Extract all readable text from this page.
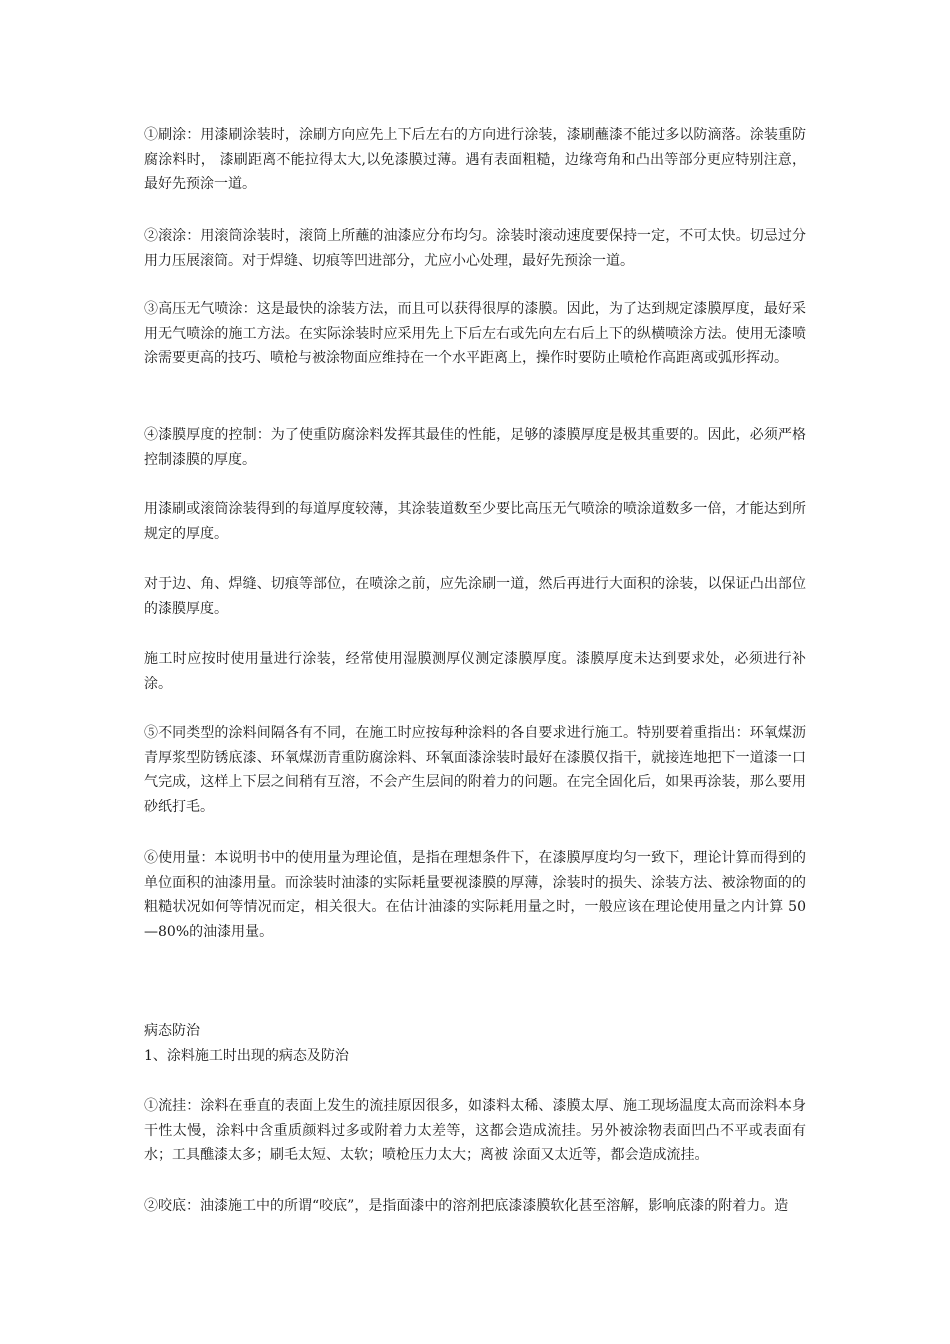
①刷涂：用漆刷涂装时，涂刷方向应先上下后左右的方向进行涂装，漆刷蘸漆不能过多以防滴落。涂装重防腐涂料时， 漆刷距离不能拉得太大,以免漆膜过薄。遇有表面粗糙，边缘弯角和凸出等部分更应特别注意，最好先预涂一道。

②滚涂：用滚筒涂装时，滚筒上所蘸的油漆应分布均匀。涂装时滚动速度要保持一定，不可太快。切忌过分用力压展滚筒。对于焊缝、切痕等凹进部分，尤应小心处理，最好先预涂一道。

③高压无气喷涂：这是最快的涂装方法，而且可以获得很厚的漆膜。因此，为了达到规定漆膜厚度，最好采用无气喷涂的施工方法。在实际涂装时应采用先上下后左右或先向左右后上下的纵横喷涂方法。使用无漆喷涂需要更高的技巧、喷枪与被涂物面应维持在一个水平距离上，操作时要防止喷枪作高距离或弧形挥动。

④漆膜厚度的控制：为了使重防腐涂料发挥其最佳的性能，足够的漆膜厚度是极其重要的。因此，必须严格控制漆膜的厚度。

用漆刷或滚筒涂装得到的每道厚度较薄，其涂装道数至少要比高压无气喷涂的喷涂道数多一倍，才能达到所规定的厚度。

对于边、角、焊缝、切痕等部位，在喷涂之前，应先涂刷一道，然后再进行大面积的涂装，以保证凸出部位的漆膜厚度。

施工时应按时使用量进行涂装，经常使用湿膜测厚仪测定漆膜厚度。漆膜厚度未达到要求处，必须进行补涂。

⑤不同类型的涂料间隔各有不同，在施工时应按每种涂料的各自要求进行施工。特别要着重指出：环氧煤沥青厚浆型防锈底漆、环氧煤沥青重防腐涂料、环氧面漆涂装时最好在漆膜仅指干，就接连地把下一道漆一口气完成，这样上下层之间稍有互溶，不会产生层间的附着力的问题。在完全固化后，如果再涂装，那么要用砂纸打毛。

⑥使用量：本说明书中的使用量为理论值，是指在理想条件下，在漆膜厚度均匀一致下，理论计算而得到的单位面积的油漆用量。而涂装时油漆的实际耗量要视漆膜的厚薄，涂装时的损失、涂装方法、被涂物面的的粗糙状况如何等情况而定，相关很大。在估计油漆的实际耗用量之时，一般应该在理论使用量之内计算 50—80%的油漆用量。

病态防治

1、涂料施工时出现的病态及防治

①流挂：涂料在垂直的表面上发生的流挂原因很多，如漆料太稀、漆膜太厚、施工现场温度太高而涂料本身干性太慢，涂料中含重质颜料过多或附着力太差等，这都会造成流挂。另外被涂物表面凹凸不平或表面有水；工具醮漆太多；刷毛太短、太软；喷枪压力太大；离被 涂面又太近等，都会造成流挂。

②咬底：油漆施工中的所谓“咬底”，是指面漆中的溶剂把底漆漆膜软化甚至溶解，影响底漆的附着力。造
